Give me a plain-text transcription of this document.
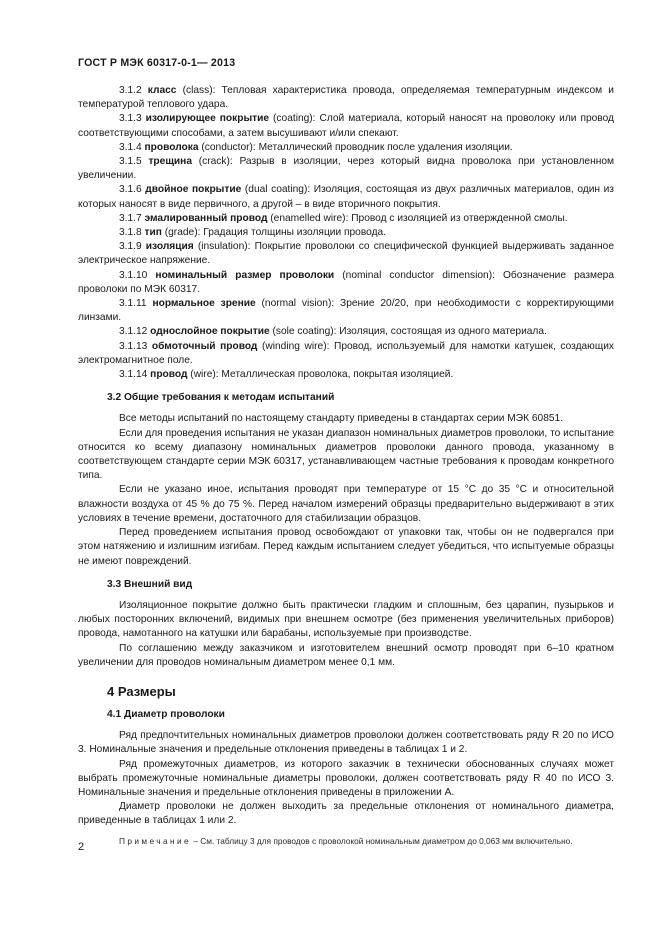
ГОСТ Р МЭК 60317-0-1— 2013

3.1.2 класс (class): Тепловая характеристика провода, определяемая температурным индексом и температурой теплового удара.

3.1.3 изолирующее покрытие (coating): Слой материала, который наносят на проволоку или провод соответствующими способами, а затем высушивают и/или спекают.

3.1.4 проволока (conductor): Металлический проводник после удаления изоляции.

3.1.5 трещина (crack): Разрыв в изоляции, через который видна проволока при установленном увеличении.

3.1.6 двойное покрытие (dual coating): Изоляция, состоящая из двух различных материалов, один из которых наносят в виде первичного, а другой – в виде вторичного покрытия.

3.1.7 эмалированный провод (enamelled wire): Провод с изоляцией из отвержденной смолы.

3.1.8 тип (grade): Градация толщины изоляции провода.

3.1.9 изоляция (insulation): Покрытие проволоки со специфической функцией выдерживать заданное электрическое напряжение.

3.1.10 номинальный размер проволоки (nominal conductor dimension): Обозначение размера проволоки по МЭК 60317.

3.1.11 нормальное зрение (normal vision): Зрение 20/20, при необходимости с корректирующими линзами.

3.1.12 однослойное покрытие (sole coating): Изоляция, состоящая из одного материала.

3.1.13 обмоточный провод (winding wire): Провод, используемый для намотки катушек, создающих электромагнитное поле.

3.1.14 провод (wire): Металлическая проволока, покрытая изоляцией.

3.2 Общие требования к методам испытаний

Все методы испытаний по настоящему стандарту приведены в стандартах серии МЭК 60851.

Если для проведения испытания не указан диапазон номинальных диаметров проволоки, то испытание относится ко всему диапазону номинальных диаметров проволоки данного провода, указанному в соответствующем стандарте серии МЭК 60317, устанавливающем частные требования к проводам конкретного типа.

Если не указано иное, испытания проводят при температуре от 15 °С до 35 °С и относительной влажности воздуха от 45 % до 75 %. Перед началом измерений образцы предварительно выдерживают в этих условиях в течение времени, достаточного для стабилизации образцов.

Перед проведением испытания провод освобождают от упаковки так, чтобы он не подвергался при этом натяжению и излишним изгибам. Перед каждым испытанием следует убедиться, что испытуемые образцы не имеют повреждений.

3.3 Внешний вид

Изоляционное покрытие должно быть практически гладким и сплошным, без царапин, пузырьков и любых посторонних включений, видимых при внешнем осмотре (без применения увеличительных приборов) провода, намотанного на катушки или барабаны, используемые при производстве.

По соглашению между заказчиком и изготовителем внешний осмотр проводят при 6–10 кратном увеличении для проводов номинальным диаметром менее 0,1 мм.

4 Размеры

4.1 Диаметр проволоки

Ряд предпочтительных номинальных диаметров проволоки должен соответствовать ряду R 20 по ИСО 3. Номинальные значения и предельные отклонения приведены в таблицах 1 и 2.

Ряд промежуточных диаметров, из которого заказчик в технически обоснованных случаях может выбрать промежуточные номинальные диаметры проволоки, должен соответствовать ряду R 40 по ИСО 3. Номинальные значения и предельные отклонения приведены в приложении А.

Диаметр проволоки не должен выходить за предельные отклонения от номинального диаметра, приведенные в таблицах 1 или 2.

Примечание – См. таблицу 3 для проводов с проволокой номинальным диаметром до 0,063 мм включительно.

2
